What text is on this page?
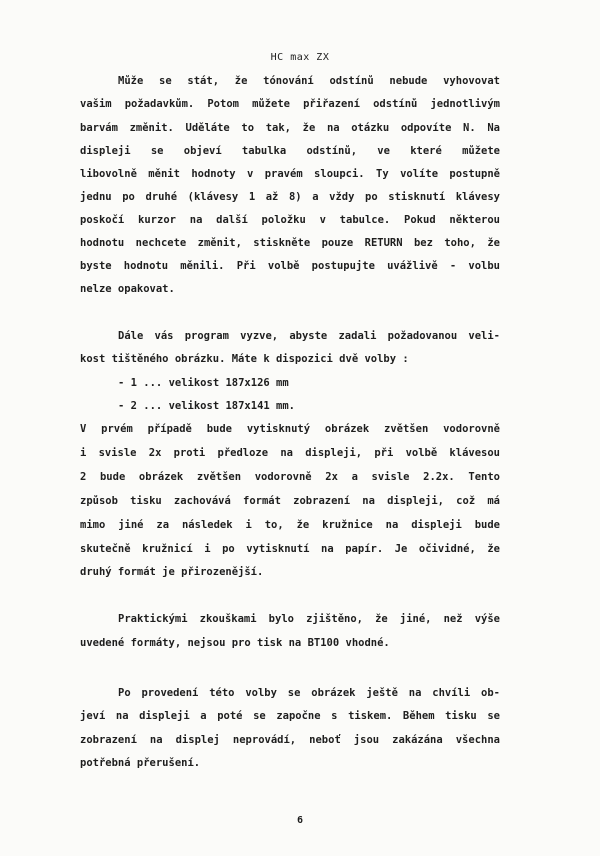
HC max ZX
Může se stát, že tónování odstínů nebude vyhovovat
vašim požadavkům. Potom můžete přiřazení odstínů jednotlivým
barvám změnit. Uděláte to tak, že na otázku odpovíte N. Na
displeji se objeví tabulka odstínů, ve které můžete
libovolně měnit hodnoty v pravém sloupci. Ty volíte postupně
jednu po druhé (klávesy 1 až 8) a vždy po stisknutí klávesy
poskočí kurzor na další položku v tabulce. Pokud některou
hodnotu nechcete změnit, stiskněte pouze RETURN bez toho, že
byste hodnotu měnili. Při volbě postupujte uvážlivě - volbu
nelze opakovat.
Dále vás program vyzve, abyste zadali požadovanou veli-
kost tištěného obrázku. Máte k dispozici dvě volby :
- 1 ... velikost 187x126 mm
- 2 ... velikost 187x141 mm.
V prvém případě bude vytisknutý obrázek zvětšen vodorovně
i svisle 2x proti předloze na displeji, při volbě klávesou
2 bude obrázek zvětšen vodorovně 2x a svisle 2.2x. Tento
způsob tisku zachovává formát zobrazení na displeji, což má
mimo jiné za následek i to, že kružnice na displeji bude
skutečně kružnicí i po vytisknutí na papír. Je očividné, že
druhý formát je přirozenější.
Praktickými zkouškami bylo zjištěno, že jiné, než výše
uvedené formáty, nejsou pro tisk na BT100 vhodné.
Po provedení této volby se obrázek ještě na chvíli ob-
jeví na displeji a poté se započne s tiskem. Během tisku se
zobrazení na displej neprovádí, neboť jsou zakázána všechna
potřebná přerušení.
6
